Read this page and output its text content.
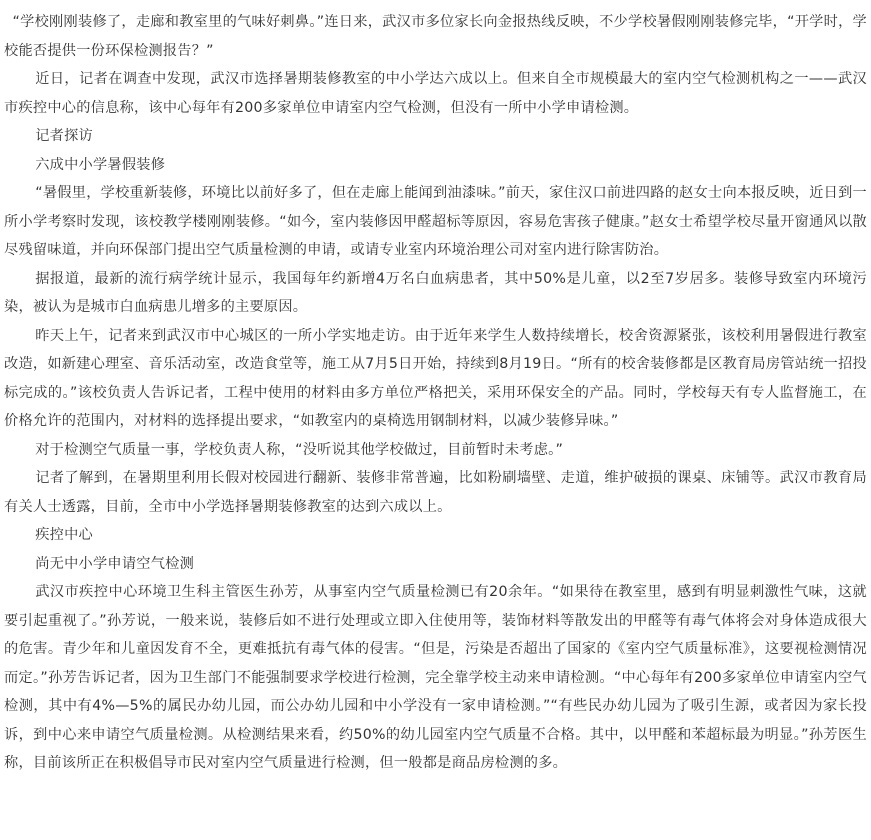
“学校刚刚装修了，走廊和教室里的气味好刺鼻。”连日来，武汉市多位家长向金报热线反映，不少学校暑假刚刚装修完毕，“开学时，学校能否提供一份环保检测报告？”

近日，记者在调查中发现，武汉市选择暑期装修教室的中小学达六成以上。但来自全市规模最大的室内空气检测机构之一——武汉市疾控中心的信息称，该中心每年有200多家单位申请室内空气检测，但没有一所中小学申请检测。

记者探访

六成中小学暑假装修

“暑假里，学校重新装修，环境比以前好多了，但在走廊上能闻到油漆味。”前天，家住汉口前进四路的赵女士向本报反映，近日到一所小学考察时发现，该校教学楼刚刚装修。“如今，室内装修因甲醛超标等原因，容易危害孩子健康。”赵女士希望学校尽量开窗通风以散尽残留味道，并向环保部门提出空气质量检测的申请，或请专业室内环境治理公司对室内进行除害防治。

据报道，最新的流行病学统计显示，我国每年约新增4万名白血病患者，其中50%是儿童，以2至7岁居多。装修导致室内环境污染，被认为是城市白血病患儿增多的主要原因。

昨天上午，记者来到武汉市中心城区的一所小学实地走访。由于近年来学生人数持续增长，校舍资源紧张，该校利用暑假进行教室改造，如新建心理室、音乐活动室，改造食堂等，施工从7月5日开始，持续到8月19日。“所有的校舍装修都是区教育局房管站统一招投标完成的。”该校负责人告诉记者，工程中使用的材料由多方单位严格把关，采用环保安全的产品。同时，学校每天有专人监督施工，在价格允许的范围内，对材料的选择提出要求，“如教室内的桌椅选用钢制材料，以减少装修异味。”

对于检测空气质量一事，学校负责人称，“没听说其他学校做过，目前暂时未考虑。”

记者了解到，在暑期里利用长假对校园进行翻新、装修非常普遍，比如粉刷墙壁、走道，维护破损的课桌、床铺等。武汉市教育局有关人士透露，目前，全市中小学选择暑期装修教室的达到六成以上。

疾控中心

尚无中小学申请空气检测

武汉市疾控中心环境卫生科主管医生孙芳，从事室内空气质量检测已有20余年。“如果待在教室里，感到有明显刺激性气味，这就要引起重视了。”孙芳说，一般来说，装修后如不进行处理或立即入住使用等，装饰材料等散发出的甲醛等有毒气体将会对身体造成很大的危害。青少年和儿童因发育不全，更难抵抗有毒气体的侵害。“但是，污染是否超出了国家的《室内空气质量标准》，这要视检测情况而定。”孙芳告诉记者，因为卫生部门不能强制要求学校进行检测，完全靠学校主动来申请检测。“中心每年有200多家单位申请室内空气检测，其中有4%—5%的属民办幼儿园，而公办幼儿园和中小学没有一家申请检测。”“有些民办幼儿园为了吸引生源，或者因为家长投诉，到中心来申请空气质量检测。从检测结果来看，约50%的幼儿园室内空气质量不合格。其中，以甲醛和苯超标最为明显。”孙芳医生称，目前该所正在积极倡导市民对室内空气质量进行检测，但一般都是商品房检测的多。
